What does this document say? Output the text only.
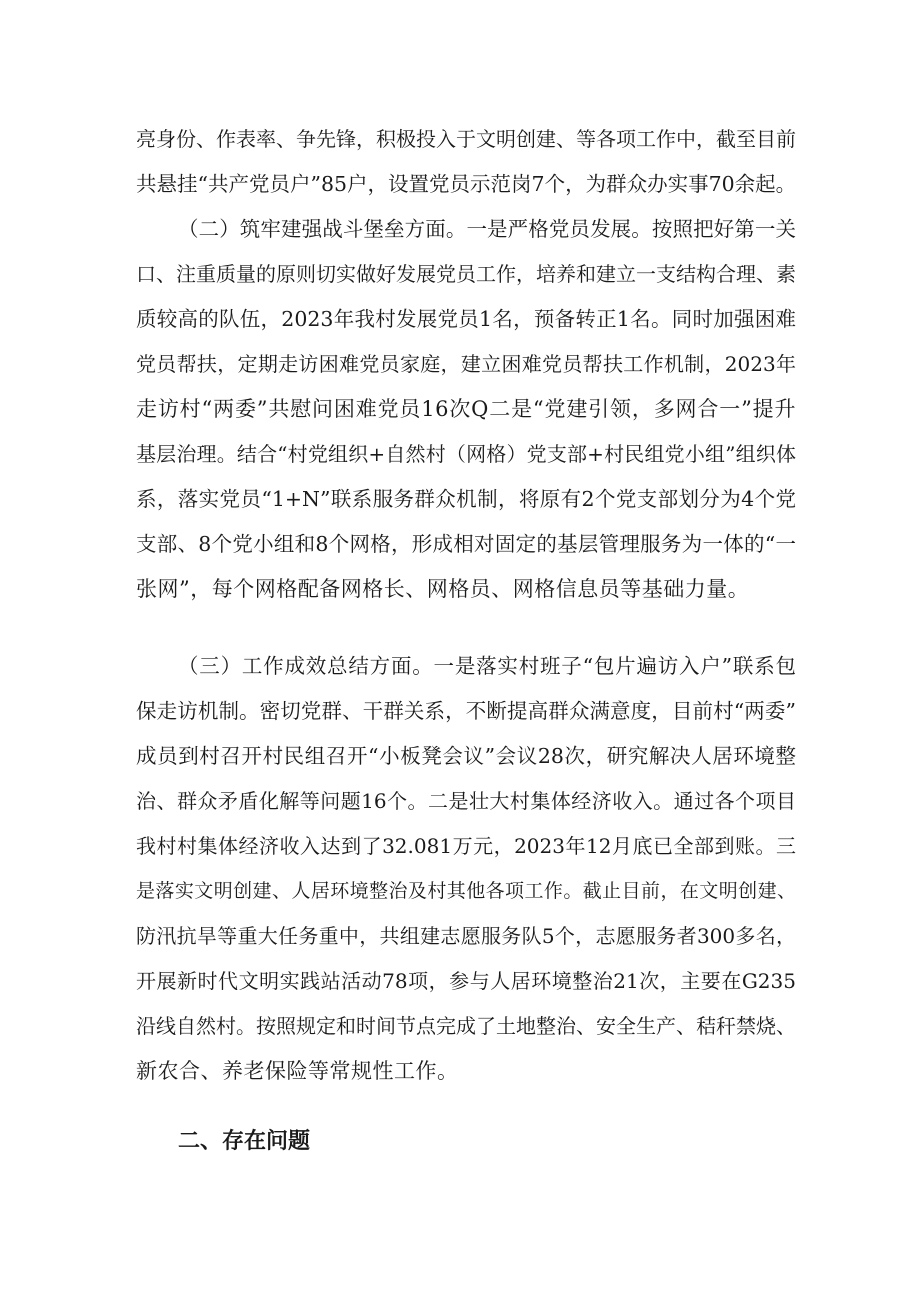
亮身份、作表率、争先锋，积极投入于文明创建、等各项工作中，截至目前
共悬挂“共产党员户”85户，设置党员示范岗7个，为群众办实事70余起。
（二）筑牢建强战斗堡垒方面。一是严格党员发展。按照把好第一关
口、注重质量的原则切实做好发展党员工作，培养和建立一支结构合理、素
质较高的队伍，2023年我村发展党员1名，预备转正1名。同时加强困难
党员帮扶，定期走访困难党员家庭，建立困难党员帮扶工作机制，2023年
走访村“两委”共慰问困难党员16次Q二是“党建引领，多网合一”提升
基层治理。结合“村党组织+自然村（网格）党支部+村民组党小组”组织体
系，落实党员“1+N”联系服务群众机制，将原有2个党支部划分为4个党
支部、8个党小组和8个网格，形成相对固定的基层管理服务为一体的“一
张网”，每个网格配备网格长、网格员、网格信息员等基础力量。
（三）工作成效总结方面。一是落实村班子“包片遍访入户”联系包
保走访机制。密切党群、干群关系，不断提高群众满意度，目前村“两委”
成员到村召开村民组召开“小板凳会议”会议28次，研究解决人居环境整
治、群众矛盾化解等问题16个。二是壮大村集体经济收入。通过各个项目
我村村集体经济收入达到了32.081万元，2023年12月底已全部到账。三
是落实文明创建、人居环境整治及村其他各项工作。截止目前，在文明创建、
防汛抗旱等重大任务重中，共组建志愿服务队5个，志愿服务者300多名，
开展新时代文明实践站活动78项，参与人居环境整治21次，主要在G235
沿线自然村。按照规定和时间节点完成了土地整治、安全生产、秸秆禁烧、
新农合、养老保险等常规性工作。
二、存在问题
